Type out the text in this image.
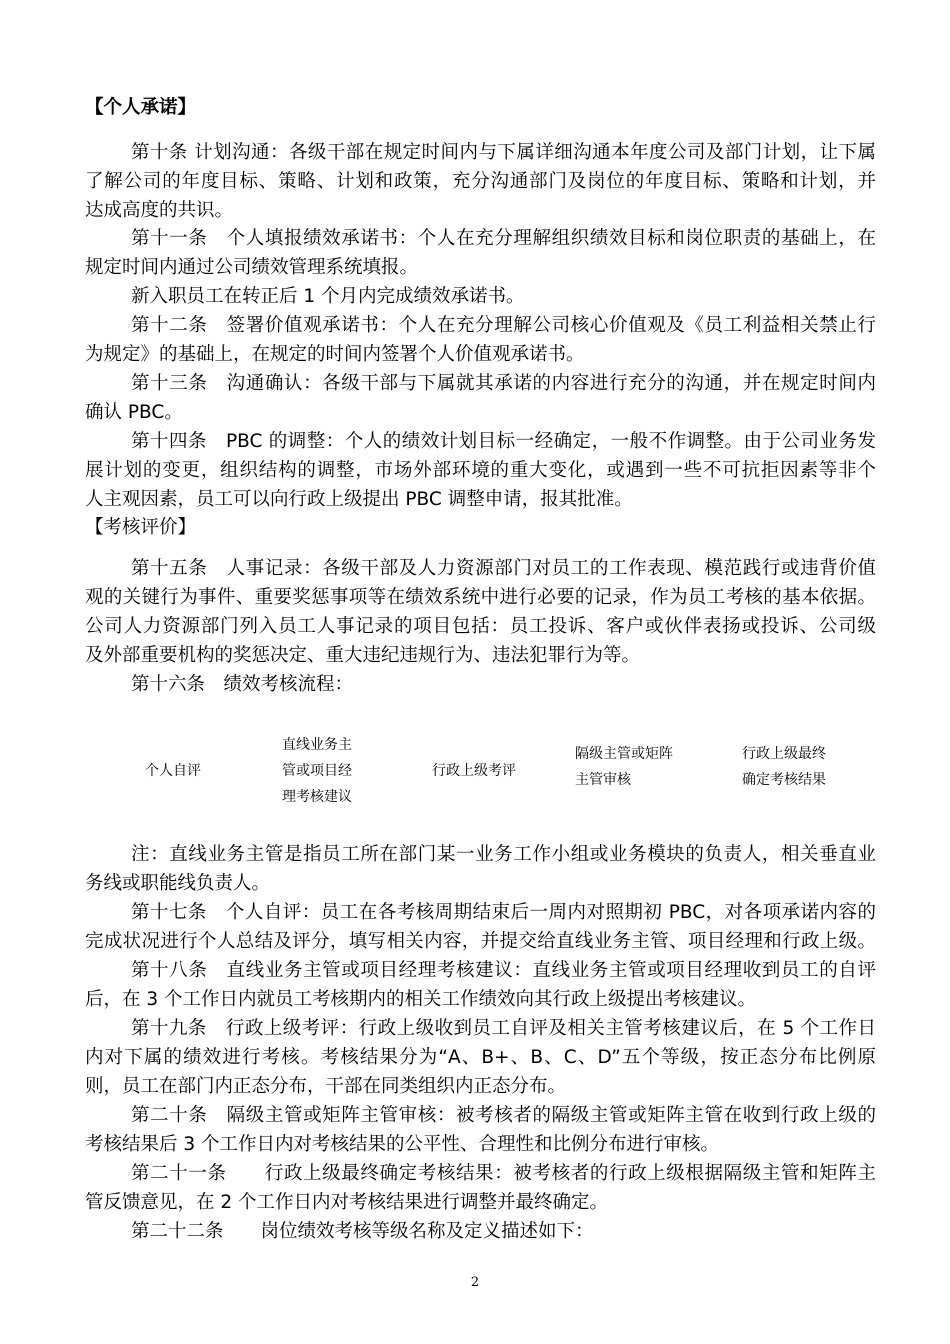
【个人承诺】
第十条 计划沟通：各级干部在规定时间内与下属详细沟通本年度公司及部门计划，让下属
了解公司的年度目标、策略、计划和政策，充分沟通部门及岗位的年度目标、策略和计划，并
达成高度的共识。
第十一条　个人填报绩效承诺书：个人在充分理解组织绩效目标和岗位职责的基础上，在
规定时间内通过公司绩效管理系统填报。
新入职员工在转正后 1 个月内完成绩效承诺书。
第十二条　签署价值观承诺书：个人在充分理解公司核心价值观及《员工利益相关禁止行
为规定》的基础上，在规定的时间内签署个人价值观承诺书。
第十三条　沟通确认：各级干部与下属就其承诺的内容进行充分的沟通，并在规定时间内
确认 PBC。
第十四条　PBC 的调整：个人的绩效计划目标一经确定，一般不作调整。由于公司业务发
展计划的变更，组织结构的调整，市场外部环境的重大变化，或遇到一些不可抗拒因素等非个
人主观因素，员工可以向行政上级提出 PBC 调整申请，报其批准。
【考核评价】
第十五条　人事记录：各级干部及人力资源部门对员工的工作表现、模范践行或违背价值
观的关键行为事件、重要奖惩事项等在绩效系统中进行必要的记录，作为员工考核的基本依据。
公司人力资源部门列入员工人事记录的项目包括：员工投诉、客户或伙伴表扬或投诉、公司级
及外部重要机构的奖惩决定、重大违纪违规行为、违法犯罪行为等。
第十六条　绩效考核流程：
个人自评
直线业务主
管或项目经
理考核建议
行政上级考评
隔级主管或矩阵
主管审核
行政上级最终
确定考核结果
注：直线业务主管是指员工所在部门某一业务工作小组或业务模块的负责人，相关垂直业
务线或职能线负责人。
第十七条　个人自评：员工在各考核周期结束后一周内对照期初 PBC，对各项承诺内容的
完成状况进行个人总结及评分，填写相关内容，并提交给直线业务主管、项目经理和行政上级。
第十八条　直线业务主管或项目经理考核建议：直线业务主管或项目经理收到员工的自评
后，在 3 个工作日内就员工考核期内的相关工作绩效向其行政上级提出考核建议。
第十九条　行政上级考评：行政上级收到员工自评及相关主管考核建议后，在 5 个工作日
内对下属的绩效进行考核。考核结果分为“A、B+、B、C、D”五个等级，按正态分布比例原
则，员工在部门内正态分布，干部在同类组织内正态分布。
第二十条　隔级主管或矩阵主管审核：被考核者的隔级主管或矩阵主管在收到行政上级的
考核结果后 3 个工作日内对考核结果的公平性、合理性和比例分布进行审核。
第二十一条　　行政上级最终确定考核结果：被考核者的行政上级根据隔级主管和矩阵主
管反馈意见，在 2 个工作日内对考核结果进行调整并最终确定。
第二十二条　　岗位绩效考核等级名称及定义描述如下：
2
